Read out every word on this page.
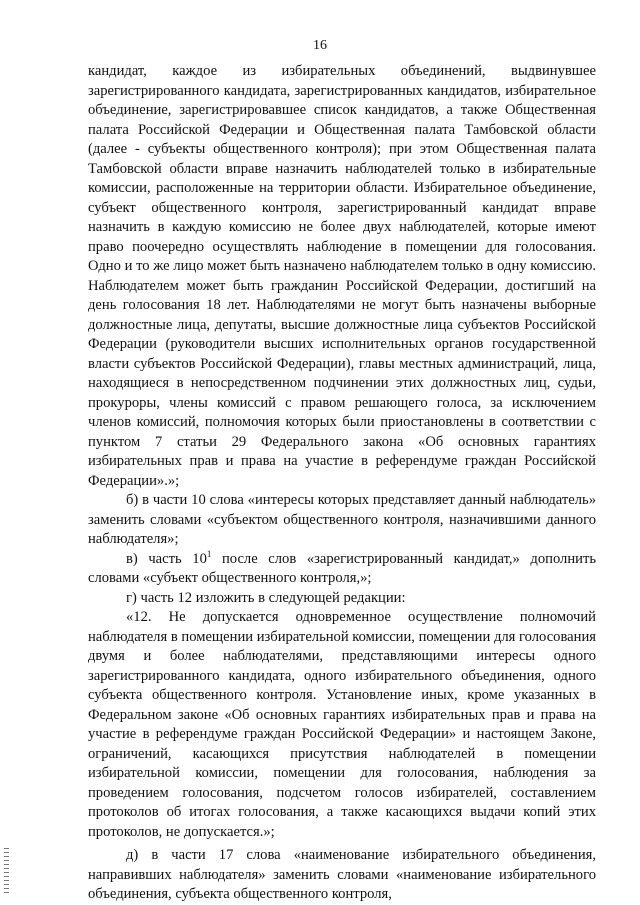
16

кандидат, каждое из избирательных объединений, выдвинувшее зарегистрированного кандидата, зарегистрированных кандидатов, избирательное объединение, зарегистрировавшее список кандидатов, а также Общественная палата Российской Федерации и Общественная палата Тамбовской области (далее - субъекты общественного контроля); при этом Общественная палата Тамбовской области вправе назначить наблюдателей только в избирательные комиссии, расположенные на территории области. Избирательное объединение, субъект общественного контроля, зарегистрированный кандидат вправе назначить в каждую комиссию не более двух наблюдателей, которые имеют право поочередно осуществлять наблюдение в помещении для голосования. Одно и то же лицо может быть назначено наблюдателем только в одну комиссию. Наблюдателем может быть гражданин Российской Федерации, достигший на день голосования 18 лет. Наблюдателями не могут быть назначены выборные должностные лица, депутаты, высшие должностные лица субъектов Российской Федерации (руководители высших исполнительных органов государственной власти субъектов Российской Федерации), главы местных администраций, лица, находящиеся в непосредственном подчинении этих должностных лиц, судьи, прокуроры, члены комиссий с правом решающего голоса, за исключением членов комиссий, полномочия которых были приостановлены в соответствии с пунктом 7 статьи 29 Федерального закона «Об основных гарантиях избирательных прав и права на участие в референдуме граждан Российской Федерации».»;

б) в части 10 слова «интересы которых представляет данный наблюдатель» заменить словами «субъектом общественного контроля, назначившими данного наблюдателя»;

в) часть $10^1$ после слов «зарегистрированный кандидат,» дополнить словами «субъект общественного контроля,»;

г) часть 12 изложить в следующей редакции:

«12. Не допускается одновременное осуществление полномочий наблюдателя в помещении избирательной комиссии, помещении для голосования двумя и более наблюдателями, представляющими интересы одного зарегистрированного кандидата, одного избирательного объединения, одного субъекта общественного контроля. Установление иных, кроме указанных в Федеральном законе «Об основных гарантиях избирательных прав и права на участие в референдуме граждан Российской Федерации» и настоящем Законе, ограничений, касающихся присутствия наблюдателей в помещении избирательной комиссии, помещении для голосования, наблюдения за проведением голосования, подсчетом голосов избирателей, составлением протоколов об итогах голосования, а также касающихся выдачи копий этих протоколов, не допускается.»;

д) в части 17 слова «наименование избирательного объединения, направивших наблюдателя» заменить словами «наименование избирательного объединения, субъекта общественного контроля,
